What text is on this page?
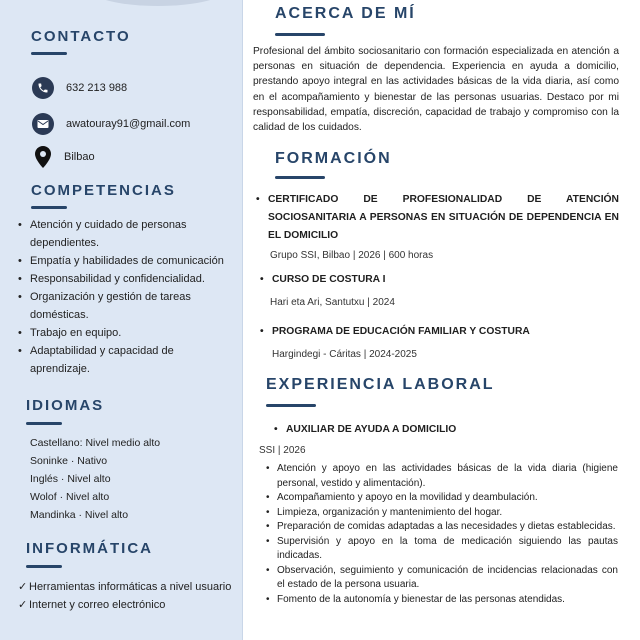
CONTACTO
632 213 988
awatouray91@gmail.com
Bilbao
COMPETENCIAS
• Atención y cuidado de personas dependientes.
• Empatía y habilidades de comunicación
• Responsabilidad y confidencialidad.
• Organización y gestión de tareas domésticas.
• Trabajo en equipo.
• Adaptabilidad y capacidad de aprendizaje.
IDIOMAS
Castellano: Nivel medio alto
Soninke · Nativo
Inglés · Nivel alto
Wolof · Nivel alto
Mandinka · Nivel alto
INFORMÁTICA
✓ Herramientas informáticas a nivel usuario
✓ Internet y correo electrónico
ACERCA DE MÍ
Profesional del ámbito sociosanitario con formación especializada en atención a personas en situación de dependencia. Experiencia en ayuda a domicilio, prestando apoyo integral en las actividades básicas de la vida diaria, así como en el acompañamiento y bienestar de las personas usuarias. Destaco por mi responsabilidad, empatía, discreción, capacidad de trabajo y compromiso con la calidad de los cuidados.
FORMACIÓN
• CERTIFICADO DE PROFESIONALIDAD DE ATENCIÓN SOCIOSANITARIA A PERSONAS EN SITUACIÓN DE DEPENDENCIA EN EL DOMICILIO
Grupo SSI, Bilbao | 2026 | 600 horas
• CURSO DE COSTURA I
Hari eta Ari, Santutxu | 2024
• PROGRAMA DE EDUCACIÓN FAMILIAR Y COSTURA
Hargindegi - Cáritas | 2024-2025
EXPERIENCIA LABORAL
• AUXILIAR DE AYUDA A DOMICILIO
SSI | 2026
• Atención y apoyo en las actividades básicas de la vida diaria (higiene personal, vestido y alimentación).
• Acompañamiento y apoyo en la movilidad y deambulación.
• Limpieza, organización y mantenimiento del hogar.
• Preparación de comidas adaptadas a las necesidades y dietas establecidas.
• Supervisión y apoyo en la toma de medicación siguiendo las pautas indicadas.
• Observación, seguimiento y comunicación de incidencias relacionadas con el estado de la persona usuaria.
• Fomento de la autonomía y bienestar de las personas atendidas.
